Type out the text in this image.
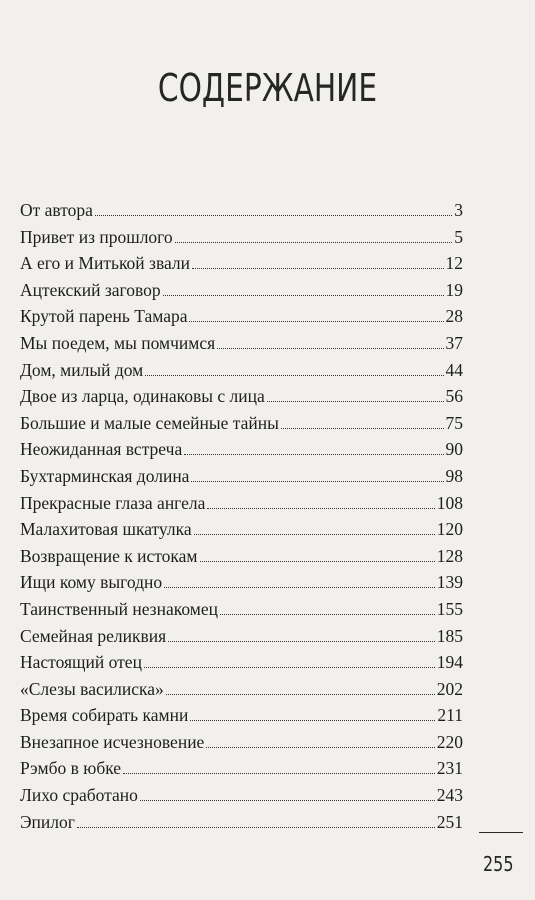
СОДЕРЖАНИЕ
От автора	3
Привет из прошлого	5
А его и Митькой звали	12
Ацтекский заговор	19
Крутой парень Тамара	28
Мы поедем, мы помчимся	37
Дом, милый дом	44
Двое из ларца, одинаковы с лица	56
Большие и малые семейные тайны	75
Неожиданная встреча	90
Бухтарминская долина	98
Прекрасные глаза ангела	108
Малахитовая шкатулка	120
Возвращение к истокам	128
Ищи кому выгодно	139
Таинственный незнакомец	155
Семейная реликвия	185
Настоящий отец	194
«Слезы василиска»	202
Время собирать камни	211
Внезапное исчезновение	220
Рэмбо в юбке	231
Лихо сработано	243
Эпилог	251
255
